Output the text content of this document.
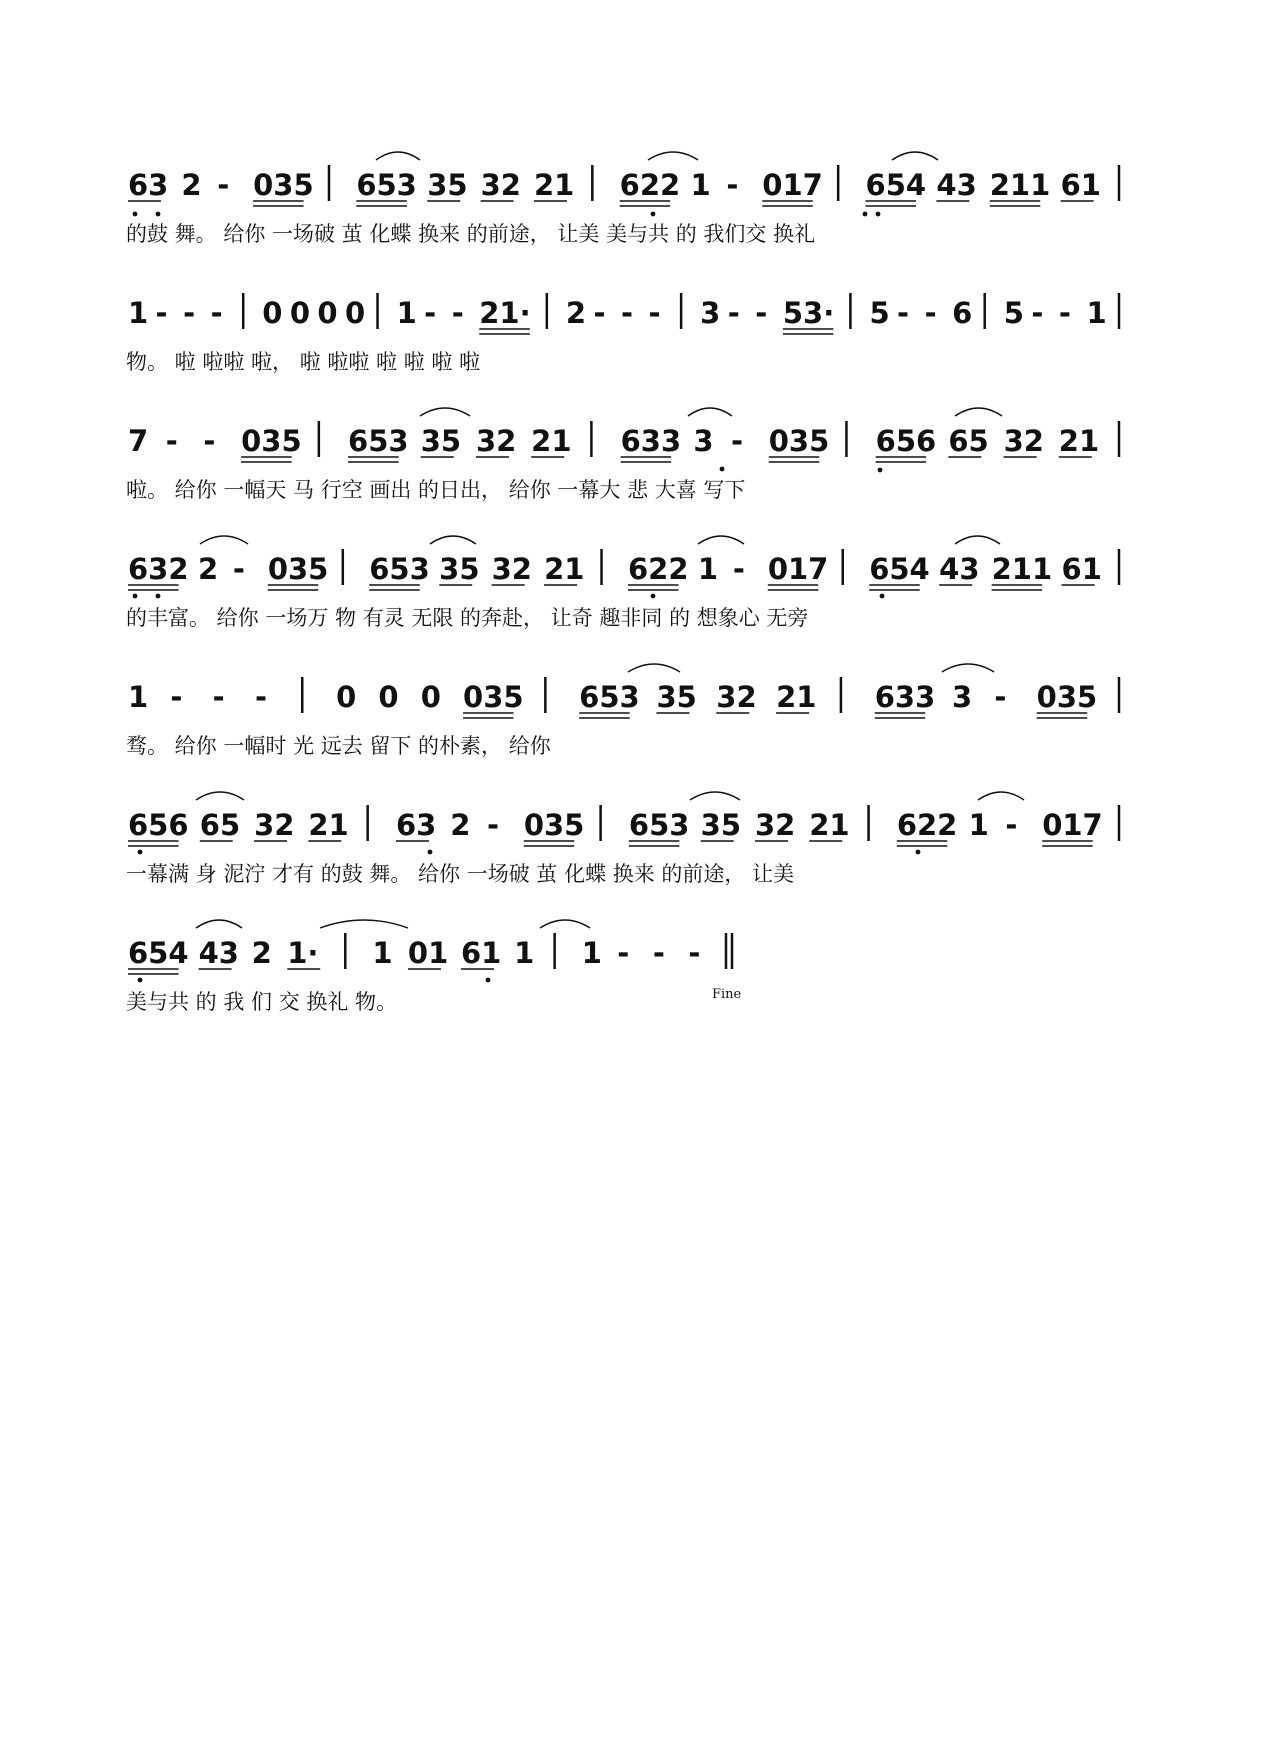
63 2 - 035 653 35 32 21 622 1 - 017 654 43 211 61
的鼓 舞。 给你 一场破 茧 化蝶 换来 的前途， 让美 美与共 的 我们交 换礼
1 - - - 0 0 0 0 1 - - 21· 2 - - - 3 - - 53· 5 - - 6 5 - - 1
物。 啦 啦啦 啦， 啦 啦啦 啦 啦 啦 啦
7 - - 035 653 35 32 21 633 3 - 035 656 65 32 21
啦。 给你 一幅天 马 行空 画出 的日出， 给你 一幕大 悲 大喜 写下
632 2 - 035 653 35 32 21 622 1 - 017 654 43 211 61
的丰富。 给你 一场万 物 有灵 无限 的奔赴， 让奇 趣非同 的 想象心 无旁
1 - - - 0 0 0 035 653 35 32 21 633 3 - 035
骛。 给你 一幅时 光 远去 留下 的朴素， 给你
656 65 32 21 63 2 - 035 653 35 32 21 622 1 - 017
一幕满 身 泥泞 才有 的鼓 舞。 给你 一场破 茧 化蝶 换来 的前途， 让美
654 43 2 1· 1 01 61 1 1 - - -
美与共 的 我 们 交 换礼 物。	Fine
